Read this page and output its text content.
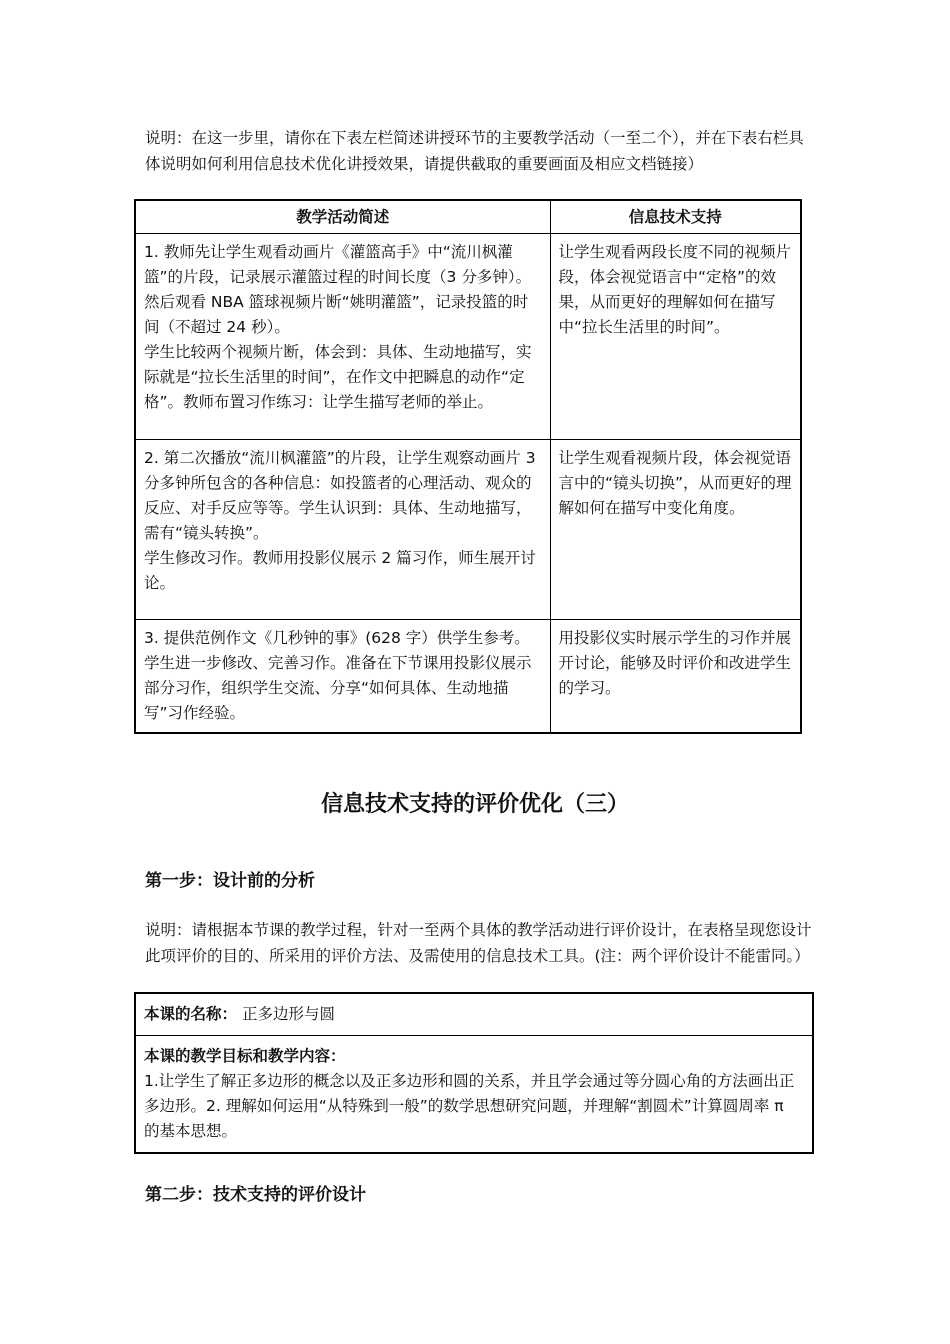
说明：在这一步里，请你在下表左栏简述讲授环节的主要教学活动（一至二个），并在下表右栏具体说明如何利用信息技术优化讲授效果，请提供截取的重要画面及相应文档链接）

教学活动简述	信息技术支持

1. 教师先让学生观看动画片《灌篮高手》中“流川枫灌篮”的片段，记录展示灌篮过程的时间长度（3 分多钟）。然后观看 NBA 篮球视频片断“姚明灌篮”，记录投篮的时间（不超过 24 秒）。
学生比较两个视频片断，体会到：具体、生动地描写，实际就是“拉长生活里的时间”，在作文中把瞬息的动作“定格”。教师布置习作练习：让学生描写老师的举止。	让学生观看两段长度不同的视频片段，体会视觉语言中“定格”的效果，从而更好的理解如何在描写中“拉长生活里的时间”。

2. 第二次播放“流川枫灌篮”的片段，让学生观察动画片 3 分多钟所包含的各种信息：如投篮者的心理活动、观众的反应、对手反应等等。学生认识到：具体、生动地描写，需有“镜头转换”。
学生修改习作。教师用投影仪展示 2 篇习作，师生展开讨论。	让学生观看视频片段，体会视觉语言中的“镜头切换”，从而更好的理解如何在描写中变化角度。

3. 提供范例作文《几秒钟的事》(628 字）供学生参考。学生进一步修改、完善习作。准备在下节课用投影仪展示部分习作，组织学生交流、分享“如何具体、生动地描写”习作经验。	用投影仪实时展示学生的习作并展开讨论，能够及时评价和改进学生的学习。
信息技术支持的评价优化（三）
第一步：设计前的分析

说明：请根据本节课的教学过程，针对一至两个具体的教学活动进行评价设计，在表格呈现您设计此项评价的目的、所采用的评价方法、及需使用的信息技术工具。(注：两个评价设计不能雷同。）

本课的名称： 正多边形与圆

本课的教学目标和教学内容：
1.让学生了解正多边形的概念以及正多边形和圆的关系，并且学会通过等分圆心角的方法画出正多边形。2. 理解如何运用“从特殊到一般”的数学思想研究问题，并理解“割圆术”计算圆周率 π 的基本思想。
第二步：技术支持的评价设计
